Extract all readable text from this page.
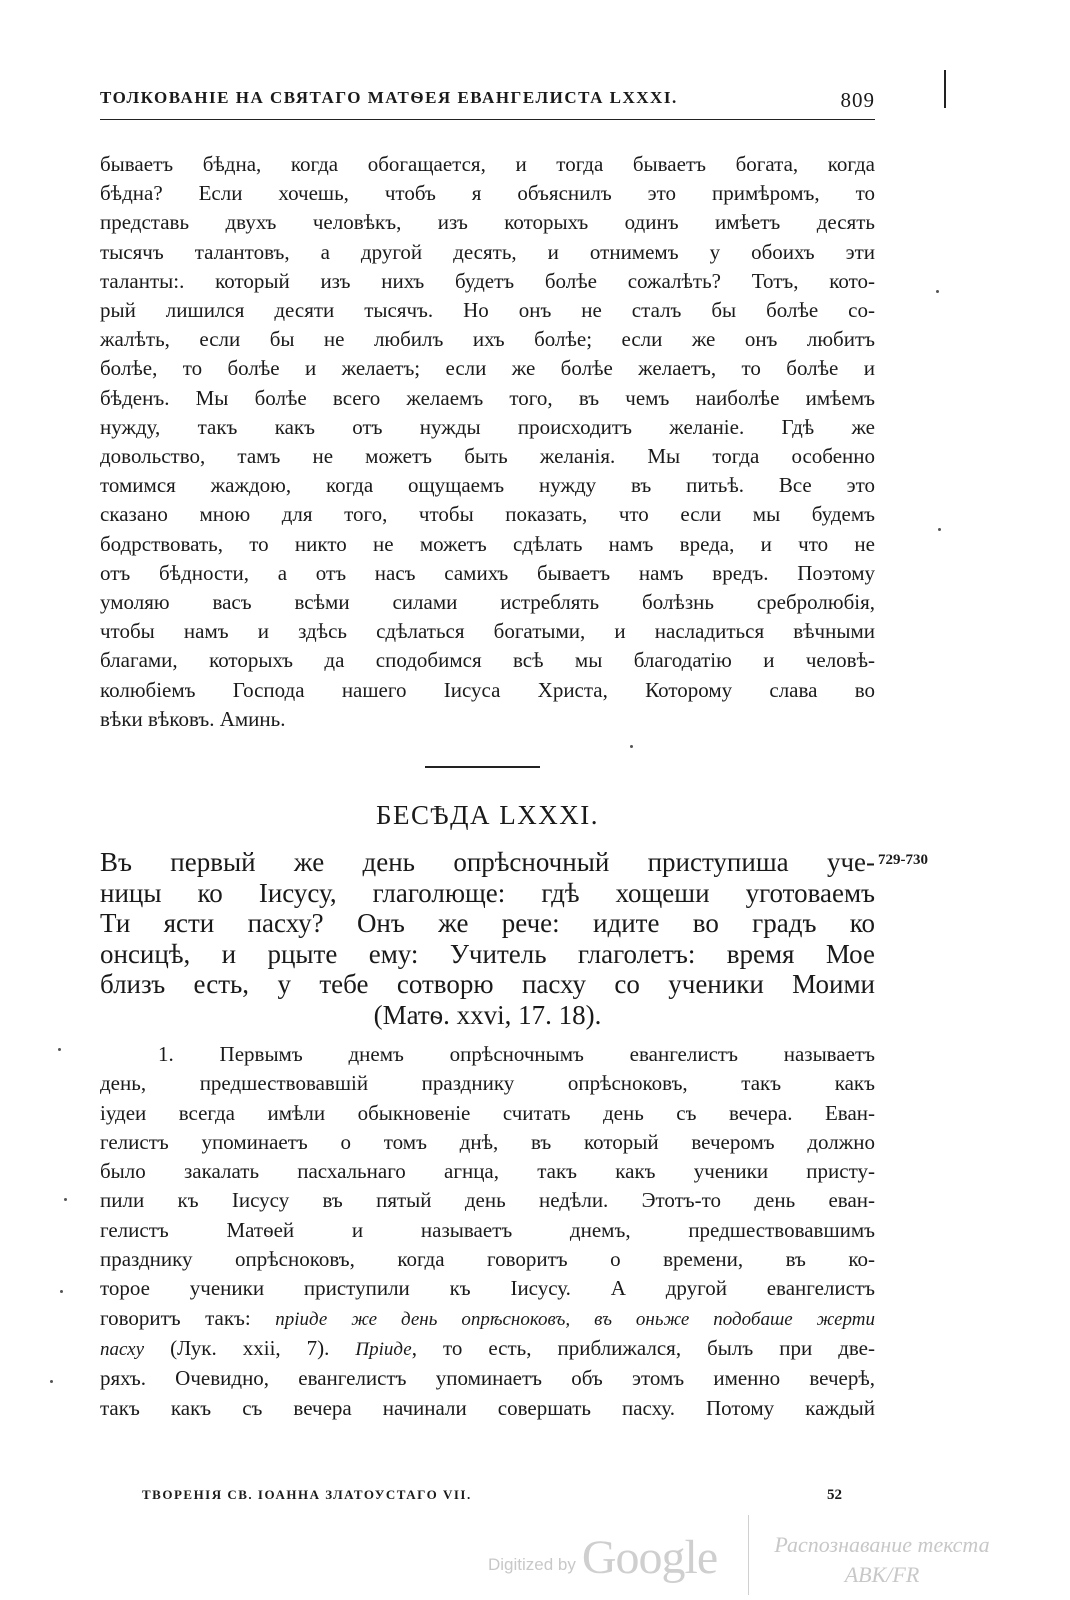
ТОЛКОВАНІЕ НА СВЯТАГО МАТѲЕЯ ЕВАНГЕЛИСТА LXXXI.	809
бываетъ бѣдна, когда обогащается, и тогда бываетъ богата, когда
бѣдна? Если хочешь, чтобъ я объяснилъ это примѣромъ, то
представь двухъ человѣкъ, изъ которыхъ одинъ имѣетъ десять
тысячъ талантовъ, а другой десять, и отнимемъ у обоихъ эти
таланты:. который изъ нихъ будетъ болѣе сожалѣть? Тотъ, кото-
рый лишился десяти тысячъ. Но онъ не сталъ бы болѣе со-
жалѣть, если бы не любилъ ихъ болѣе; если же онъ любитъ
болѣе, то болѣе и желаетъ; если же болѣе желаетъ, то болѣе и
бѣденъ. Мы болѣе всего желаемъ того, въ чемъ наиболѣе имѣемъ
нужду, такъ какъ отъ нужды происходитъ желаніе. Гдѣ же
довольство, тамъ не можетъ быть желанія. Мы тогда особенно
томимся жаждою, когда ощущаемъ нужду въ питьѣ. Все это
сказано мною для того, чтобы показать, что если мы будемъ
бодрствовать, то никто не можетъ сдѣлать намъ вреда, и что не
отъ бѣдности, а отъ насъ самихъ бываетъ намъ вредъ. Поэтому
умоляю васъ всѣми силами истреблять болѣзнь сребролюбія,
чтобы намъ и здѣсь сдѣлаться богатыми, и насладиться вѣчными
благами, которыхъ да сподобимся всѣ мы благодатію и человѣ-
колюбіемъ Господа нашего Іисуса Христа, Которому слава во
вѣки вѣковъ. Аминь.
БЕСѢДА LXXXI.
729-730
Въ первый же день опрѣсночный приступиша уче-
ницы ко Іисусу, глаголюще: гдѣ хощеши уготоваемъ
Ти ясти пасху? Онъ же рече: идите во градъ ко
онсицѣ, и рцыте ему: Учитель глаголетъ: время Мое
близъ есть, у тебе сотворю пасху со ученики Моими
(Матѳ. xxvi, 17. 18).
1. Первымъ днемъ опрѣсночнымъ евангелистъ называетъ
день, предшествовавшій празднику опрѣсноковъ, такъ какъ
іудеи всегда имѣли обыкновеніе считать день съ вечера. Еван-
гелистъ упоминаетъ о томъ днѣ, въ который вечеромъ должно
было закалать пасхальнаго агнца, такъ какъ ученики присту-
пили къ Іисусу въ пятый день недѣли. Этотъ-то день еван-
гелистъ Матѳей и называетъ днемъ, предшествовавшимъ
празднику опрѣсноковъ, когда говоритъ о времени, въ ко-
торое ученики приступили къ Іисусу. А другой евангелистъ
говоритъ такъ: пріиде же день опрѣсноковъ, въ оньже подобаше жерти
пасху (Лук. xxii, 7). Пріиде, то есть, приближался, былъ при две-
ряхъ. Очевидно, евангелистъ упоминаетъ объ этомъ именно вечерѣ,
такъ какъ съ вечера начинали совершать пасху. Потому каждый
ТВОРЕНІЯ СВ. ІОАННА ЗЛАТОУСТАГО VII.	52
Digitized by Google	Распознавание текста
ABK/FR
